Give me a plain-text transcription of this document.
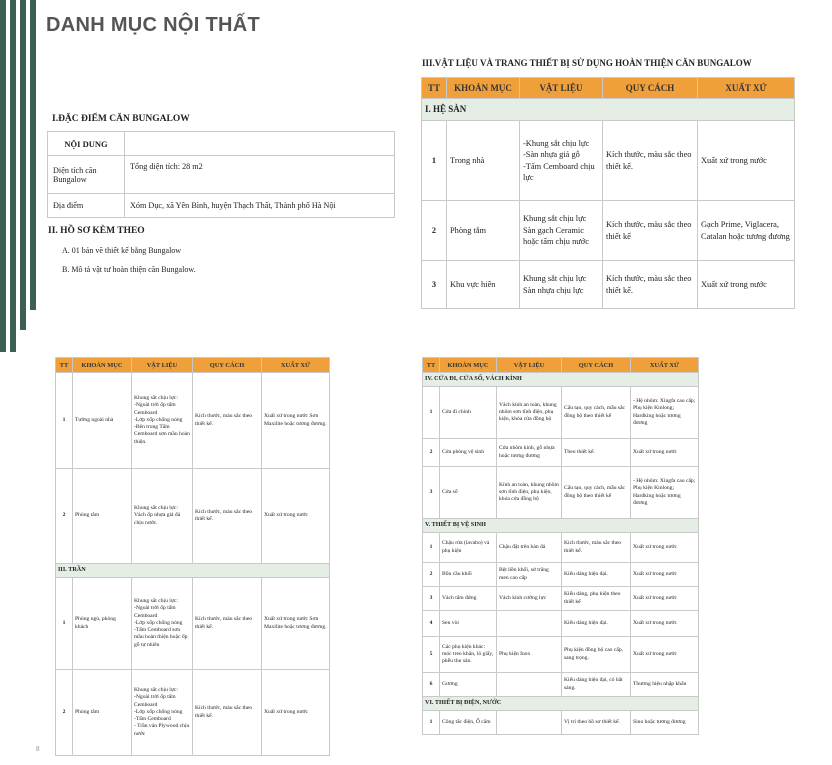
DANH MỤC NỘI THẤT
I.ĐẶC ĐIỂM CĂN BUNGALOW
NỘI DUNG	
Diện tích căn Bungalow	Tổng diện tích: 28 m2
Địa điểm	Xóm Dục, xã Yên Bình, huyện Thạch Thất, Thành phố Hà Nội
II. HỒ SƠ KÈM THEO
A. 01 bản vẽ thiết kế bằng Bungalow
B. Mô tả vật tư hoàn thiện căn Bungalow.
III.VẬT LIỆU VÀ TRANG THIẾT BỊ SỬ DỤNG HOÀN THIỆN CĂN BUNGALOW
TT	KHOẢN MỤC	VẬT LIỆU	QUY CÁCH	XUẤT XỨ
I. HỆ SÀN				
1	Trong nhà	-Khung sắt chịu lực
-Sàn nhựa giả gỗ
-Tấm Cemboard chịu lực	Kích thước, màu sắc theo thiết kế.	Xuất xứ trong nước
2	Phòng tắm	Khung sắt chịu lực
Sàn gạch Ceramic hoặc tấm chịu nước	Kích thước, màu sắc theo thiết kế	Gạch Prime, Viglacera, Catalan hoặc tương đương
3	Khu vực hiên	Khung sắt chịu lực
Sàn nhựa chịu lực	Kích thước, màu sắc theo thiết kế.	Xuất xứ trong nước
TT	KHOẢN MỤC	VẬT LIỆU	QUY CÁCH	XUẤT XỨ
1	Tường ngoài nhà	Khung sắt chịu lực:
-Ngoài trời ốp tấm Cemboard
-Lớp xốp chống nóng
-Bên trong Tấm Cemboard sơn mầu hoàn thiện.	Kích thước, màu sắc theo thiết kế.	Xuất xứ trong nước Sơn Maxilite hoặc tương đương.
2	Phòng tắm	Khung sắt chịu lực:
Vách ốp nhựa giả đá chịu nước.	Kích thước, màu sắc theo thiết kế.	Xuất xứ trong nước
III. TRẦN				
1	Phòng ngủ, phòng khách	Khung sắt chịu lực:
-Ngoài trời ốp tấm Cemboard
-Lớp xốp chống nóng
-Tấm Cemboard sơn mầu hoàn thiện hoặc ốp gỗ tự nhiên	Kích thước, màu sắc theo thiết kế.	Xuất xứ trong nước Sơn Maxilite hoặc tương đương.
2	Phòng tắm	Khung sắt chịu lực:
-Ngoài trời ốp tấm Cemboard
-Lớp xốp chống nóng
-Tấm Cemboard
- Trần ván Plywood chịu nước	Kích thước, màu sắc theo thiết kế.	Xuất xứ trong nước
TT	KHOẢN MỤC	VẬT LIỆU	QUY CÁCH	XUẤT XỨ
IV. CỬA ĐI, CỬA SỔ, VÁCH KÍNH				
1	Cửa đi chính	Vách kính an toàn, khung nhôm sơn tĩnh điện, phụ kiện, khóa cửa đồng bộ	Cấu tạo, quy cách, mẫu sắc đồng bộ theo thiết kế	- Hệ nhôm: Xingfa cao cấp;
Phụ kiện Kinlong; Hardking hoặc tương đương

2	Cửa phòng vệ sinh	Cửa nhôm kính, gỗ nhựa hoặc tương đương	Theo thiết kế.	Xuất xứ trong nước

3	Cửa sổ	Kính an toàn, khung nhôm sơn tĩnh điện, phụ kiện, khóa cửa đồng bộ	Cấu tạo, quy cách, mẫu sắc đồng bộ theo thiết kế	- Hệ nhôm: Xingfa cao cấp;
Phụ kiện Kinlong; Hardking hoặc tương đương

V. THIẾT BỊ VỆ SINH				
1	Chậu rửa (lavabo) và phụ kiện	Chậu đặt trên bàn đá	Kích thước, màu sắc theo thiết kế.	Xuất xứ trong nước
2	Bồn cầu khối	Bệt liền khối, sứ trắng men cao cấp	Kiểu dáng hiện đại.	Xuất xứ trong nước
3	Vách tắm đứng	Vách kính cường lực	Kiểu dáng, phụ kiện theo thiết kế	Xuất xứ trong nước
4	Sen vòi		Kiểu dáng hiện đại.	Xuất xứ trong nước
5	Các phụ kiện khác: móc treo khăn, lô giấy, phễu thu sàn.	Phụ kiện Inox	Phụ kiện đồng bộ cao cấp, sang trọng.	Xuất xứ trong nước
6	Gương		Kiểu dáng hiện đại, có hắt sáng.	Thương hiệu nhập khẩu
VI. THIẾT BỊ ĐIỆN, NƯỚC				
1	Công tắc điện, Ổ cắm		Vị trí theo hồ sơ thiết kế.	Sino hoặc tương đương
8
